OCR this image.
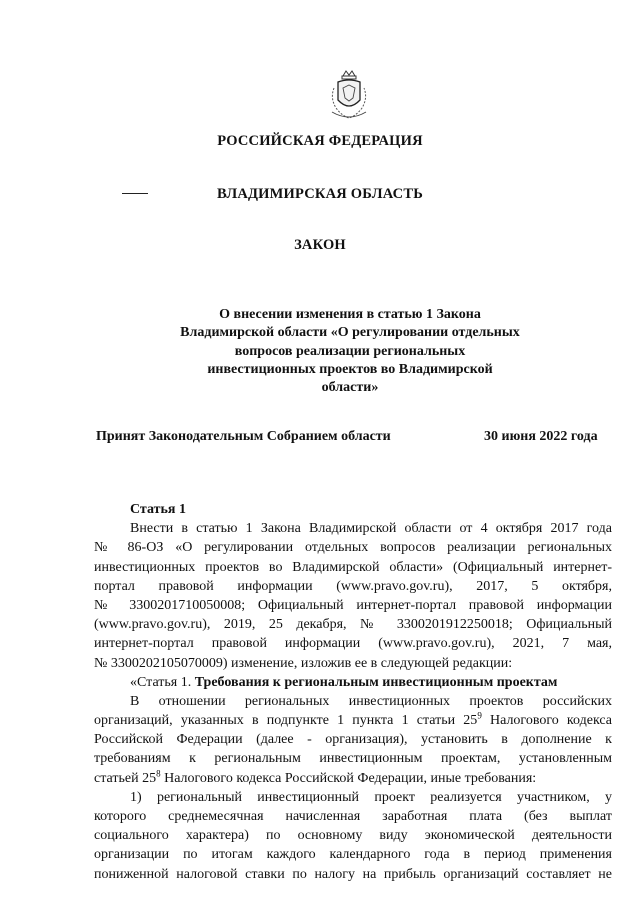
РОССИЙСКАЯ ФЕДЕРАЦИЯ
ВЛАДИМИРСКАЯ ОБЛАСТЬ
ЗАКОН
О внесении изменения в статью 1 Закона
Владимирской области «О регулировании отдельных
вопросов реализации региональных
инвестиционных проектов во Владимирской
области»
Принят Законодательным Собранием области	30 июня 2022 года
Статья 1
Внести в статью 1 Закона Владимирской области от 4 октября 2017 года
№ 86-ОЗ «О регулировании отдельных вопросов реализации региональных
инвестиционных проектов во Владимирской области» (Официальный интернет-
портал правовой информации (www.pravo.gov.ru), 2017, 5 октября,
№ 3300201710050008; Официальный интернет-портал правовой информации
(www.pravo.gov.ru), 2019, 25 декабря, № 3300201912250018; Официальный
интернет-портал правовой информации (www.pravo.gov.ru), 2021, 7 мая,
№ 3300202105070009) изменение, изложив ее в следующей редакции:
«Статья 1. Требования к региональным инвестиционным проектам
В отношении региональных инвестиционных проектов российских
организаций, указанных в подпункте 1 пункта 1 статьи $25^9$ Налогового кодекса
Российской Федерации (далее - организация), установить в дополнение к
требованиям к региональным инвестиционным проектам, установленным
статьей $25^8$ Налогового кодекса Российской Федерации, иные требования:
1) региональный инвестиционный проект реализуется участником, у
которого среднемесячная начисленная заработная плата (без выплат
социального характера) по основному виду экономической деятельности
организации по итогам каждого календарного года в период применения
пониженной налоговой ставки по налогу на прибыль организаций составляет не
